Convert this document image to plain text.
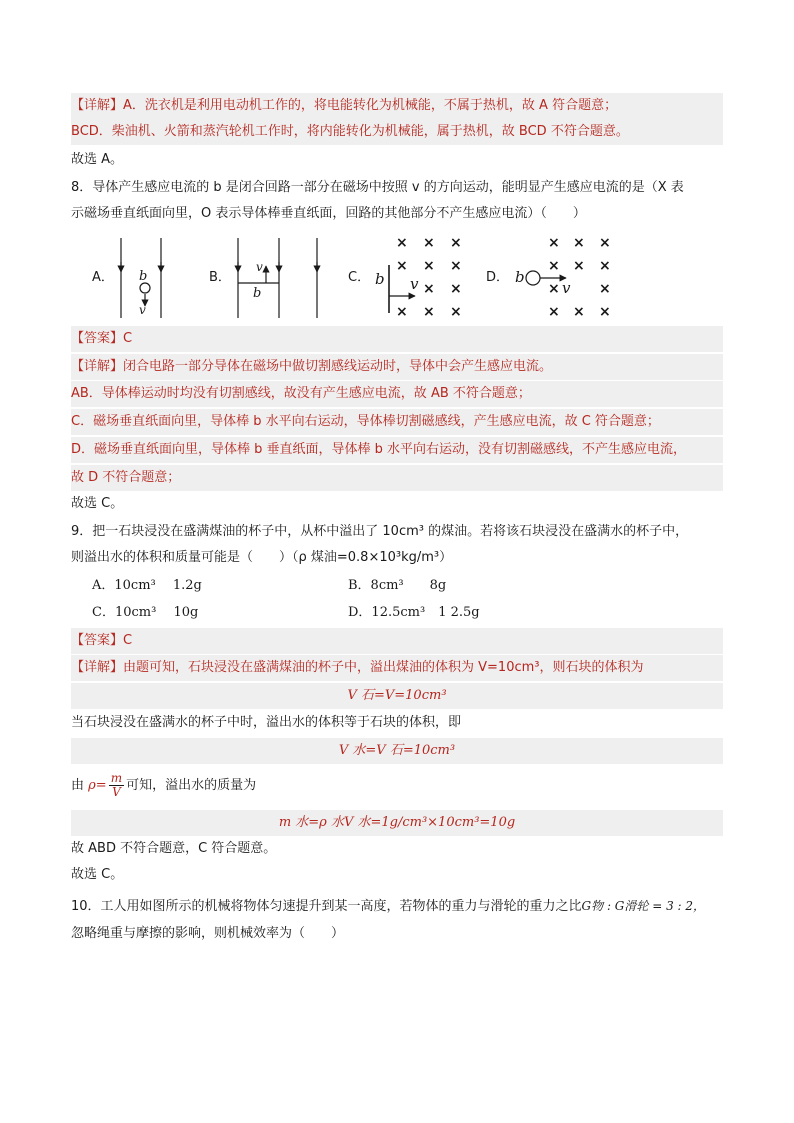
【详解】A．洗衣机是利用电动机工作的，将电能转化为机械能，不属于热机，故 A 符合题意；
BCD．柴油机、火箭和蒸汽轮机工作时，将内能转化为机械能，属于热机，故 BCD 不符合题意。
故选 A。
8．导体产生感应电流的 b 是闭合回路一部分在磁场中按照 v 的方向运动，能明显产生感应电流的是（X 表
示磁场垂直纸面向里，O 表示导体棒垂直纸面，回路的其他部分不产生感应电流）（　　）
A．	B．	C．	D．
b
v
v
b
× × ×
× × ×
× ×
× × ×
b v
× × ×
× × ×
×	×
× × ×
b
v
【答案】C
【详解】闭合电路一部分导体在磁场中做切割感线运动时，导体中会产生感应电流。
AB．导体棒运动时均没有切割感线，故没有产生感应电流，故 AB 不符合题意；
C．磁场垂直纸面向里，导体棒 b 水平向右运动，导体棒切割磁感线，产生感应电流，故 C 符合题意；
D．磁场垂直纸面向里，导体棒 b 垂直纸面，导体棒 b 水平向右运动，没有切割磁感线，不产生感应电流，
故 D 不符合题意；
故选 C。
9．把一石块浸没在盛满煤油的杯子中，从杯中溢出了 10cm³ 的煤油。若将该石块浸没在盛满水的杯子中，
则溢出水的体积和质量可能是（　　）（ρ 煤油=0.8×10³kg/m³）
A．10cm³　 1.2g	B．8cm³　　8g
C．10cm³　 10g	D．12.5cm³　1 2.5g
【答案】C
【详解】由题可知，石块浸没在盛满煤油的杯子中，溢出煤油的体积为 V=10cm³，则石块的体积为
V 石=V=10cm³
当石块浸没在盛满水的杯子中时，溢出水的体积等于石块的体积，即
V 水=V 石=10cm³
由 $\rho= \frac{m}{V}$ 可知，溢出水的质量为
m 水=ρ 水V 水=1g/cm³×10cm³=10g
故 ABD 不符合题意，C 符合题意。
故选 C。
10．工人用如图所示的机械将物体匀速提升到某一高度，若物体的重力与滑轮的重力之比G物 : G滑轮 = 3 : 2，
忽略绳重与摩擦的影响，则机械效率为（　　）
